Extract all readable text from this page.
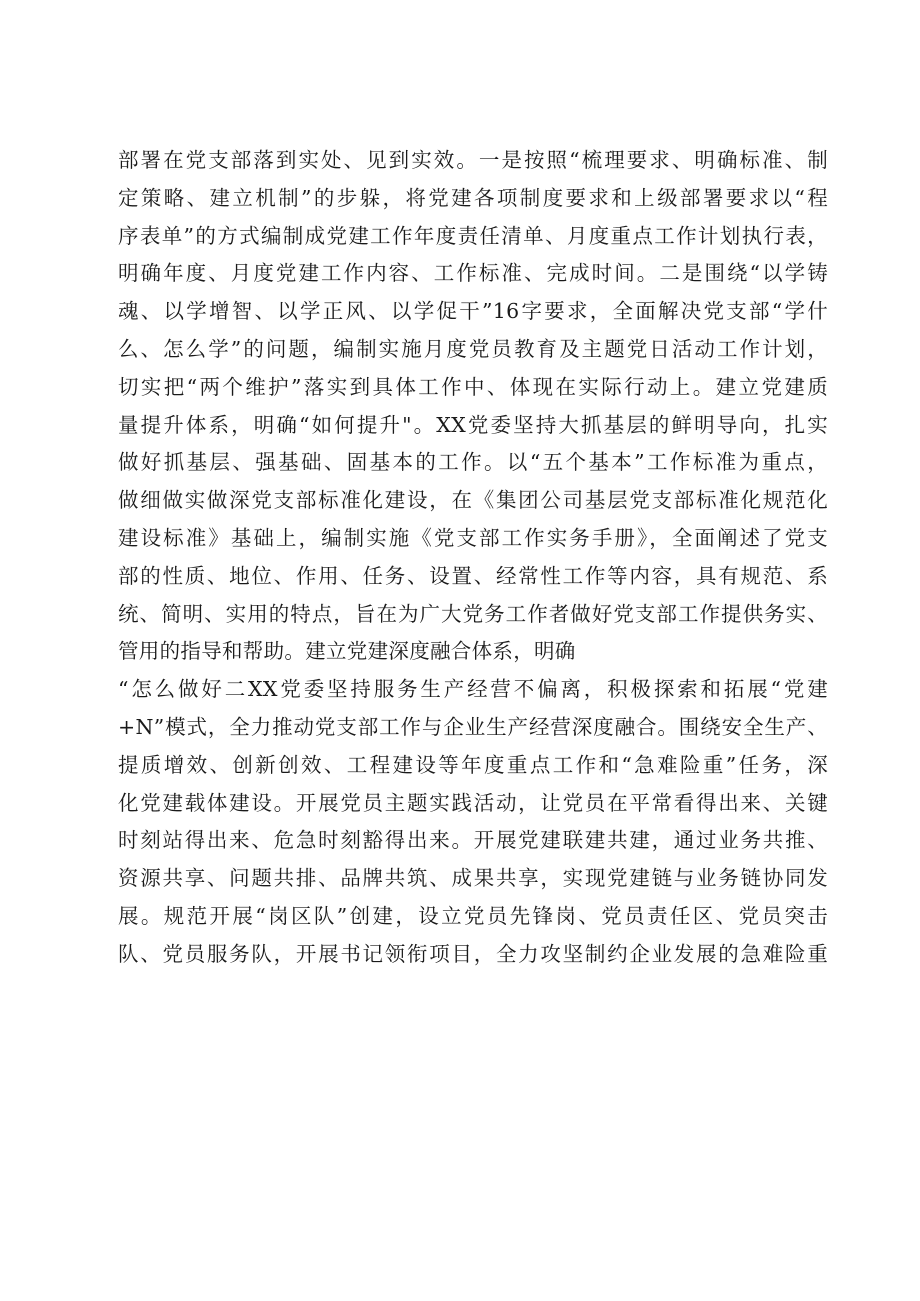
部署在党支部落到实处、见到实效。一是按照“梳理要求、明确标准、制
定策略、建立机制”的步躲，将党建各项制度要求和上级部署要求以“程
序表单”的方式编制成党建工作年度责任清单、月度重点工作计划执行表，
明确年度、月度党建工作内容、工作标准、完成时间。二是围绕“以学铸
魂、以学增智、以学正风、以学促干”16字要求，全面解决党支部“学什
么、怎么学”的问题，编制实施月度党员教育及主题党日活动工作计划，
切实把“两个维护”落实到具体工作中、体现在实际行动上。建立党建质
量提升体系，明确“如何提升"。XX党委坚持大抓基层的鲜明导向，扎实
做好抓基层、强基础、固基本的工作。以“五个基本”工作标准为重点，
做细做实做深党支部标准化建设，在《集团公司基层党支部标准化规范化
建设标准》基础上，编制实施《党支部工作实务手册》，全面阐述了党支
部的性质、地位、作用、任务、设置、经常性工作等内容，具有规范、系
统、简明、实用的特点，旨在为广大党务工作者做好党支部工作提供务实、
管用的指导和帮助。建立党建深度融合体系，明确
“怎么做好二XX党委坚持服务生产经营不偏离，积极探索和拓展“党建
+N”模式，全力推动党支部工作与企业生产经营深度融合。围绕安全生产、
提质增效、创新创效、工程建设等年度重点工作和“急难险重”任务，深
化党建载体建设。开展党员主题实践活动，让党员在平常看得出来、关键
时刻站得出来、危急时刻豁得出来。开展党建联建共建，通过业务共推、
资源共享、问题共排、品牌共筑、成果共享，实现党建链与业务链协同发
展。规范开展“岗区队”创建，设立党员先锋岗、党员责任区、党员突击
队、党员服务队，开展书记领衔项目，全力攻坚制约企业发展的急难险重
